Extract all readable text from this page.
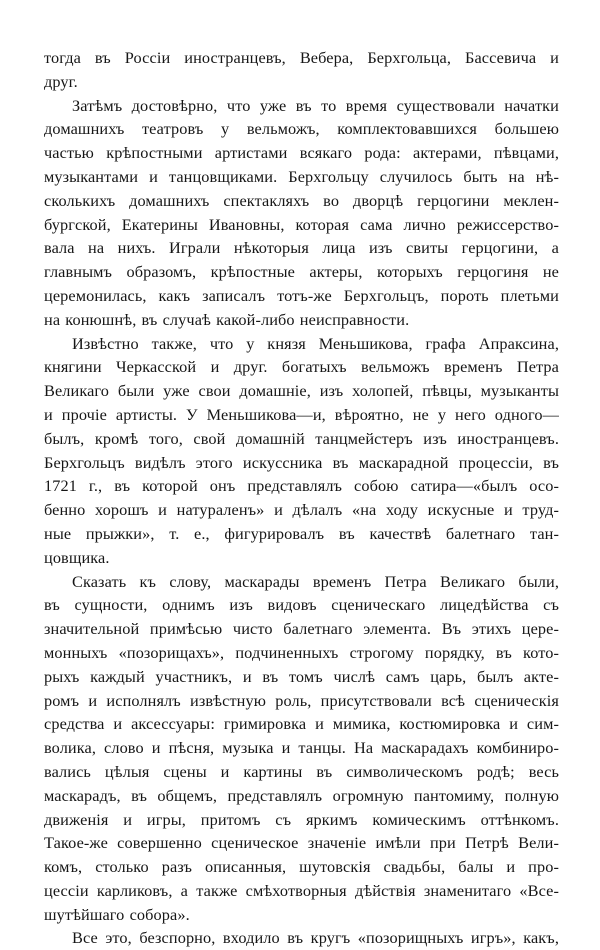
тогда въ Россiи иностранцевъ, Вебера, Берхгольца, Бассевича и
друг.
Затѣмъ достовѣрно, что уже въ то время существовали начатки
домашнихъ театровъ у вельможъ, комплектовавшихся большею
частью крѣпостными артистами всякаго рода: актерами, пѣвцами,
музыкантами и танцовщиками. Берхгольцу случилось быть на нѣ-
сколькихъ домашнихъ спектакляхъ во дворцѣ герцогини меклен-
бургской, Екатерины Ивановны, которая сама лично режиссерство-
вала на нихъ. Играли нѣкоторыя лица изъ свиты герцогини, а
главнымъ образомъ, крѣпостные актеры, которыхъ герцогиня не
церемонилась, какъ записалъ тотъ-же Берхгольцъ, пороть плетьми
на конюшнѣ, въ случаѣ какой-либо неисправности.
Извѣстно также, что у князя Меньшикова, графа Апраксина,
княгини Черкасской и друг. богатыхъ вельможъ временъ Петра
Великаго были уже свои домашнiе, изъ холопей, пѣвцы, музыканты
и прочiе артисты. У Меньшикова—и, вѣроятно, не у него одного—
былъ, кромѣ того, свой домашнiй танцмейстеръ изъ иностранцевъ.
Берхгольцъ видѣлъ этого искуссника въ маскарадной процессiи, въ
1721 г., въ которой онъ представлялъ собою сатира—«былъ осо-
бенно хорошъ и натураленъ» и дѣлалъ «на ходу искусные и труд-
ные прыжки», т. е., фигурировалъ въ качествѣ балетнаго тан-
цовщика.
Сказать къ слову, маскарады временъ Петра Великаго были,
въ сущности, однимъ изъ видовъ сценическаго лицедѣйства съ
значительной примѣсью чисто балетнаго элемента. Въ этихъ цере-
монныхъ «позорищахъ», подчиненныхъ строгому порядку, въ кото-
рыхъ каждый участникъ, и въ томъ числѣ самъ царь, былъ акте-
ромъ и исполнялъ извѣстную роль, присутствовали всѣ сценическiя
средства и аксессуары: гримировка и мимика, костюмировка и сим-
волика, слово и пѣсня, музыка и танцы. На маскарадахъ комбиниро-
вались цѣлыя сцены и картины въ символическомъ родѣ; весь
маскарадъ, въ общемъ, представлялъ огромную пантомиму, полную
движенiя и игры, притомъ съ яркимъ комическимъ оттѣнкомъ.
Такое-же совершенно сценическое значенiе имѣли при Петрѣ Вели-
комъ, столько разъ описанныя, шутовскiя свадьбы, балы и про-
цессiи карликовъ, а также смѣхотворныя дѣйствiя знаменитаго «Все-
шутѣйшаго собора».
Все это, безспорно, входило въ кругъ «позорищныхъ игръ», какъ,
